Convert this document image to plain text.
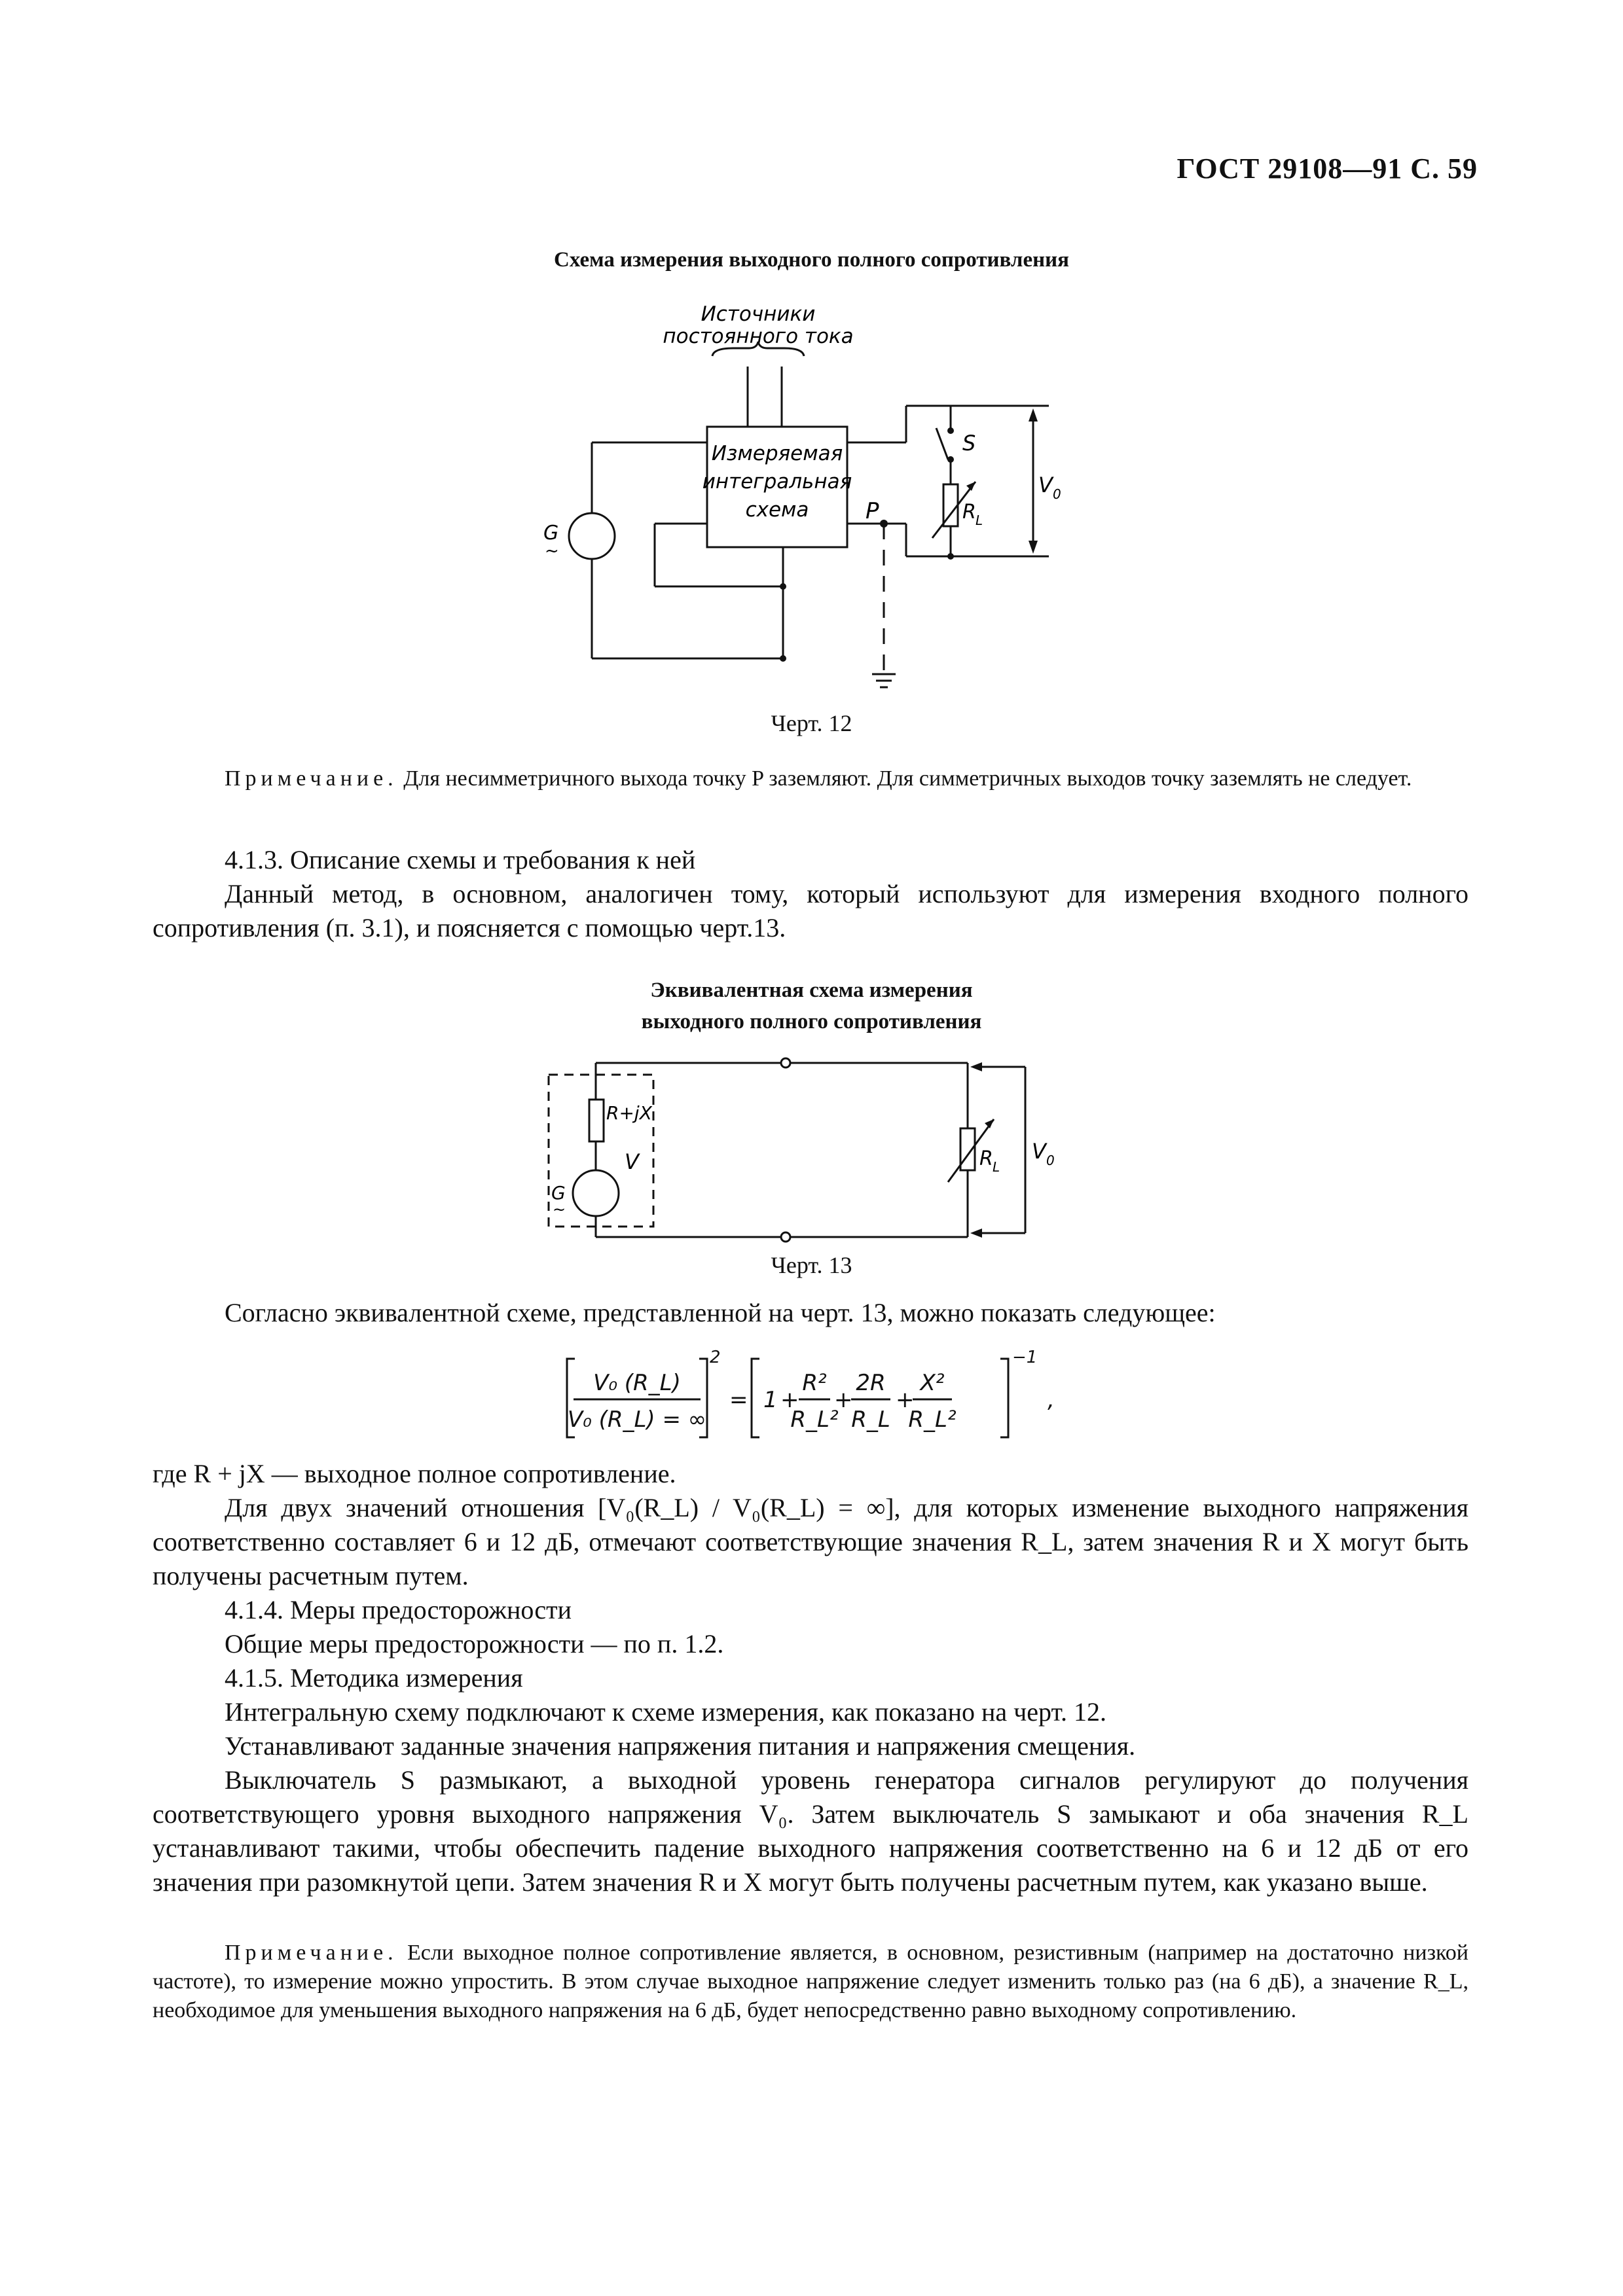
ГОСТ 29108—91 С. 59
Схема измерения выходного полного сопротивления
Источники
постоянного тока
Измеряемая
интегральная
схема	P
S
R L
V 0
G
~
Черт. 12
Примечание. Для несимметричного выхода точку P заземляют. Для симметричных выходов точку заземлять не следует.
4.1.3. Описание схемы и требования к ней
Данный метод, в основном, аналогичен тому, который используют для измерения входного полного сопротивления (п. 3.1), и поясняется с помощью черт.13.
Эквивалентная схема измерения
выходного полного сопротивления
R+jX
V
G
~
R L
V 0
Черт. 13
Согласно эквивалентной схеме, представленной на черт. 13, можно показать следующее:
V₀ (R_L)
V₀ (R_L) = ∞
2
= 1 +
R²
R_L²
+
2R
R_L
+
X²
R_L²
−1
,
где R + jX — выходное полное сопротивление.
Для двух значений отношения [V₀(R_L) / V₀(R_L) = ∞], для которых изменение выходного напряжения соответственно составляет 6 и 12 дБ, отмечают соответствующие значения R_L, затем значения R и X могут быть получены расчетным путем.
4.1.4. Меры предосторожности
Общие меры предосторожности — по п. 1.2.
4.1.5. Методика измерения
Интегральную схему подключают к схеме измерения, как показано на черт. 12.
Устанавливают заданные значения напряжения питания и напряжения смещения.
Выключатель S размыкают, а выходной уровень генератора сигналов регулируют до получения соответствующего уровня выходного напряжения V₀. Затем выключатель S замыкают и оба значения R_L устанавливают такими, чтобы обеспечить падение выходного напряжения соответственно на 6 и 12 дБ от его значения при разомкнутой цепи. Затем значения R и X могут быть получены расчетным путем, как указано выше.
Примечание. Если выходное полное сопротивление является, в основном, резистивным (например на достаточно низкой частоте), то измерение можно упростить. В этом случае выходное напряжение следует изменить только раз (на 6 дБ), а значение R_L, необходимое для уменьшения выходного напряжения на 6 дБ, будет непосредственно равно выходному сопротивлению.
